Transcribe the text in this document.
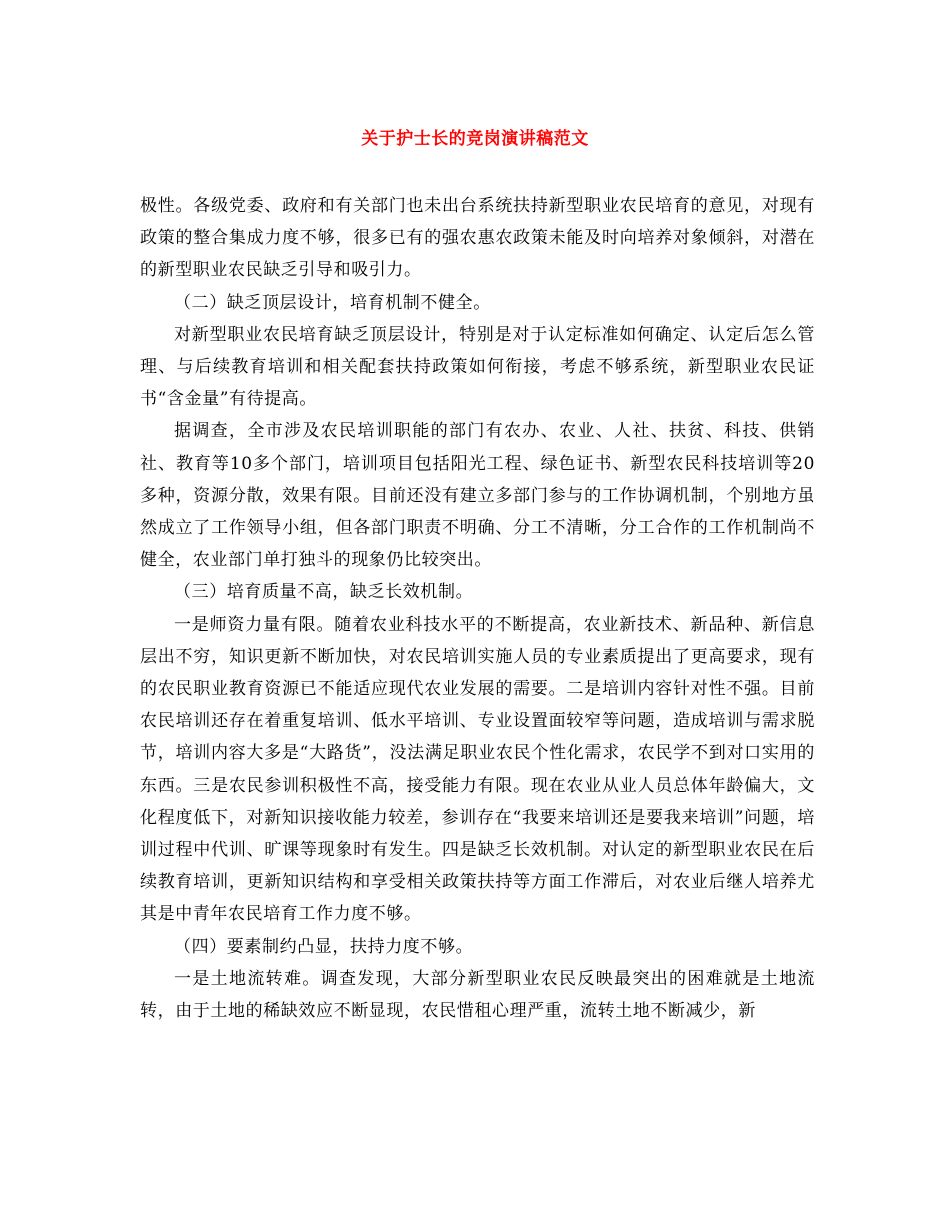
关于护士长的竞岗演讲稿范文

极性。各级党委、政府和有关部门也未出台系统扶持新型职业农民培育的意见，对现有政策的整合集成力度不够，很多已有的强农惠农政策未能及时向培养对象倾斜，对潜在的新型职业农民缺乏引导和吸引力。

（二）缺乏顶层设计，培育机制不健全。

对新型职业农民培育缺乏顶层设计，特别是对于认定标准如何确定、认定后怎么管理、与后续教育培训和相关配套扶持政策如何衔接，考虑不够系统，新型职业农民证书“含金量”有待提高。

据调查，全市涉及农民培训职能的部门有农办、农业、人社、扶贫、科技、供销社、教育等10多个部门，培训项目包括阳光工程、绿色证书、新型农民科技培训等20多种，资源分散，效果有限。目前还没有建立多部门参与的工作协调机制，个别地方虽然成立了工作领导小组，但各部门职责不明确、分工不清晰，分工合作的工作机制尚不健全，农业部门单打独斗的现象仍比较突出。

（三）培育质量不高，缺乏长效机制。

一是师资力量有限。随着农业科技水平的不断提高，农业新技术、新品种、新信息层出不穷，知识更新不断加快，对农民培训实施人员的专业素质提出了更高要求，现有的农民职业教育资源已不能适应现代农业发展的需要。二是培训内容针对性不强。目前农民培训还存在着重复培训、低水平培训、专业设置面较窄等问题，造成培训与需求脱节，培训内容大多是“大路货”，没法满足职业农民个性化需求，农民学不到对口实用的东西。三是农民参训积极性不高，接受能力有限。现在农业从业人员总体年龄偏大，文化程度低下，对新知识接收能力较差，参训存在“我要来培训还是要我来培训”问题，培训过程中代训、旷课等现象时有发生。四是缺乏长效机制。对认定的新型职业农民在后续教育培训，更新知识结构和享受相关政策扶持等方面工作滞后，对农业后继人培养尤其是中青年农民培育工作力度不够。

（四）要素制约凸显，扶持力度不够。

一是土地流转难。调查发现，大部分新型职业农民反映最突出的困难就是土地流转，由于土地的稀缺效应不断显现，农民惜租心理严重，流转土地不断减少，新
